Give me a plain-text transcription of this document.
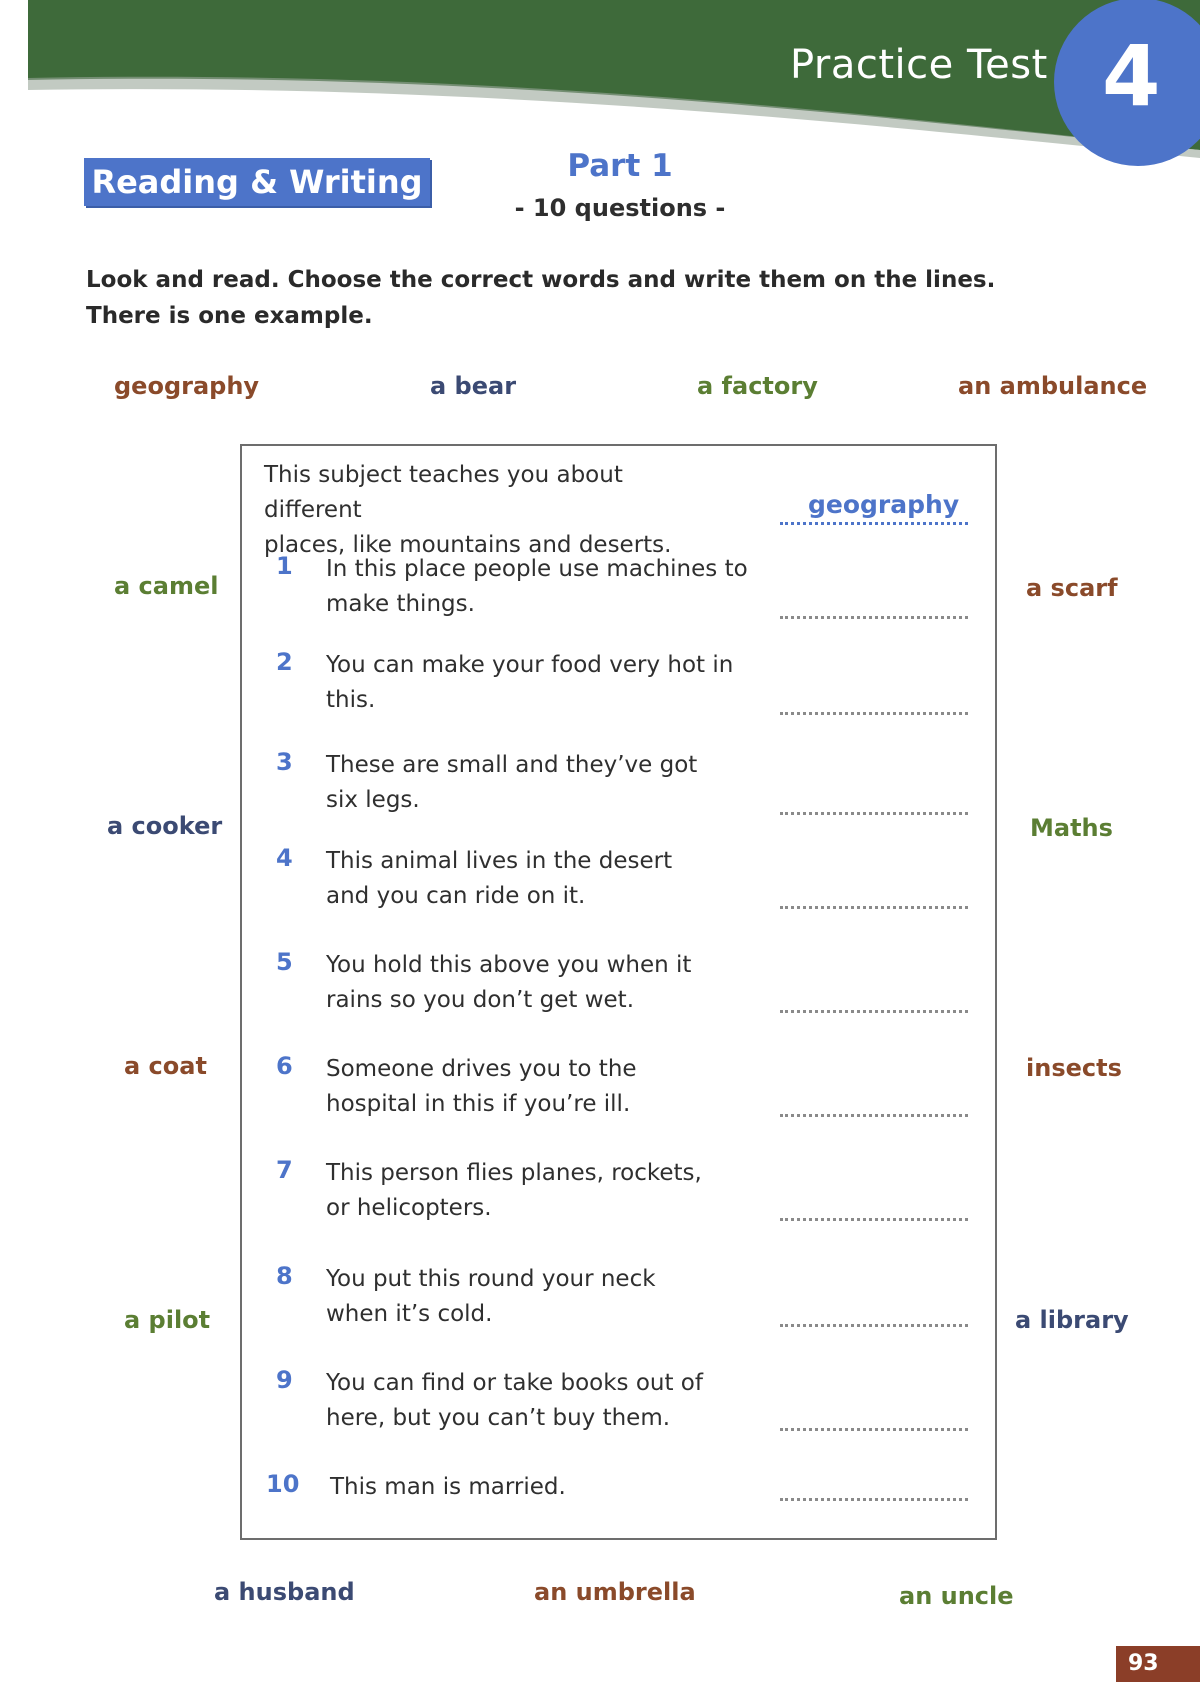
Practice Test 4
Reading & Writing	Part 1
- 10 questions -
Look and read. Choose the correct words and write them on the lines.
There is one example.
geography	a bear	a factory	an ambulance
a camel
a cooker
a coat
a pilot
a scarf
Maths
insects
a library
a husband	an umbrella	an uncle
This subject teaches you about different
places, like mountains and deserts.
geography
1 In this place people use machines to
make things.
2 You can make your food very hot in
this.
3 These are small and they’ve got
six legs.
4 This animal lives in the desert
and you can ride on it.
5 You hold this above you when it
rains so you don’t get wet.
6 Someone drives you to the
hospital in this if you’re ill.
7 This person flies planes, rockets,
or helicopters.
8 You put this round your neck
when it’s cold.
9 You can find or take books out of
here, but you can’t buy them.
10 This man is married.
93
